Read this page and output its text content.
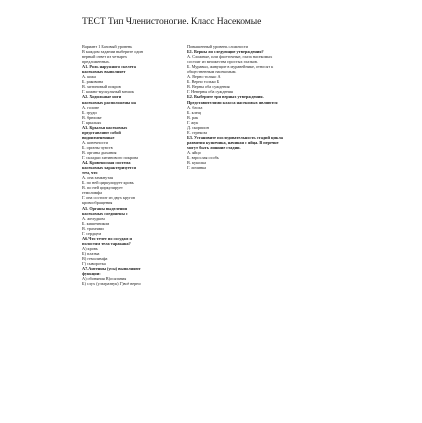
ТЕСТ Тип Членистоногие. Класс Насекомые
Вариант 1 Базовый уровень
В каждом задании выберите один
верный ответ из четырех
предложенных.
А1. Роль наружного скелета
насекомых выполняет
А. кожа
Б. раковина
В. хитиновый покров
Г. кожно-мускульный мешок
А2. Ходильные ноги
насекомых расположены на
А. голове
Б. груди
В. брюшке
Г. крыльях
А3. Крылья насекомых
представляют собой
видоизмененные
А. конечности
Б. органы чувств
В. органы дыхания
Г. складки хитинового покрова
А4. Кровеносная система
насекомых характеризуется
тем, что
А. она замкнутая
Б. по ней циркулирует кровь
В. по ней циркулирует
гемолимфа
Г. она состоит из двух кругов
кровообращения
А5. Органы выделения
насекомых соединены с
А. желудком
Б. кишечником
В. трахеями
Г. сердцем
А6.Что течет по сосудам и
полостям тела таракана?
А) кровь
Б) плазма
В) гемолимфа
Г) сыворотка
А7.Антенны (усы) выполняют
функции:
А) обоняния В)осязания
Б) слух (ультразвук) Г)всё верно
Повышенный уровень сложности
Б1. Верны ли следующие утверждения?
А. Сложные, или фасеточные, глаза насекомых
состоят из множества простых глазков.
Б. Муравьи, живущие в муравейнике, относят к
общественным насекомым.
А. Верно только А
Б. Верно только Б
В. Верны оба суждения
Г. Неверны оба суждения
Б2. Выберите три верных утверждения.
Представителями класса насекомых являются
А. блоха
Б. клещ
В. рак
Г. жук
Д. скорпион
Е. стрекоза
Б3. Установите последовательность стадий цикла
развития кузнечика, начиная с яйца. В перечне
могут быть лишние стадии.
А. яйцо
Б. взрослая особь
В. куколка
Г. личинка
